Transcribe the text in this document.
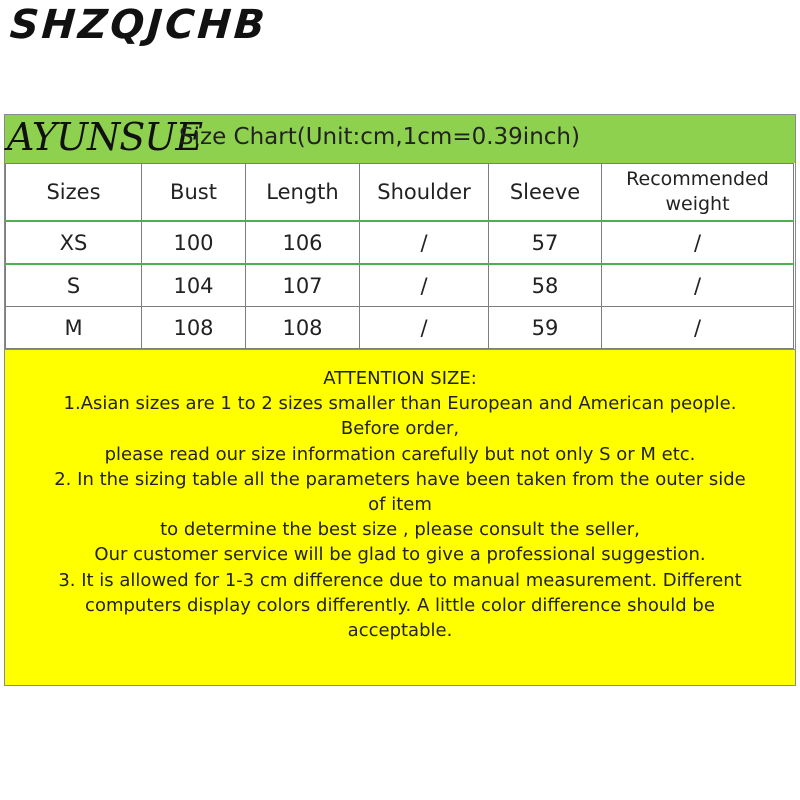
SHZQJCHB
AYUNSUE
Size Chart(Unit:cm,1cm=0.39inch)
Sizes	Bust	Length	Shoulder	Sleeve	Recommended weight
XS	100	106	/	57	/
S	104	107	/	58	/
M	108	108	/	59	/
ATTENTION SIZE:
1.Asian sizes are 1 to 2 sizes smaller than European and American people.
Before order,
please read our size information carefully but not only S or M etc.
2. In the sizing table all the parameters have been taken from the outer side
of item
to determine the best size , please consult the seller,
Our customer service will be glad to give a professional suggestion.
3. It is allowed for 1-3 cm difference due to manual measurement. Different
computers display colors differently. A little color difference should be
acceptable.
